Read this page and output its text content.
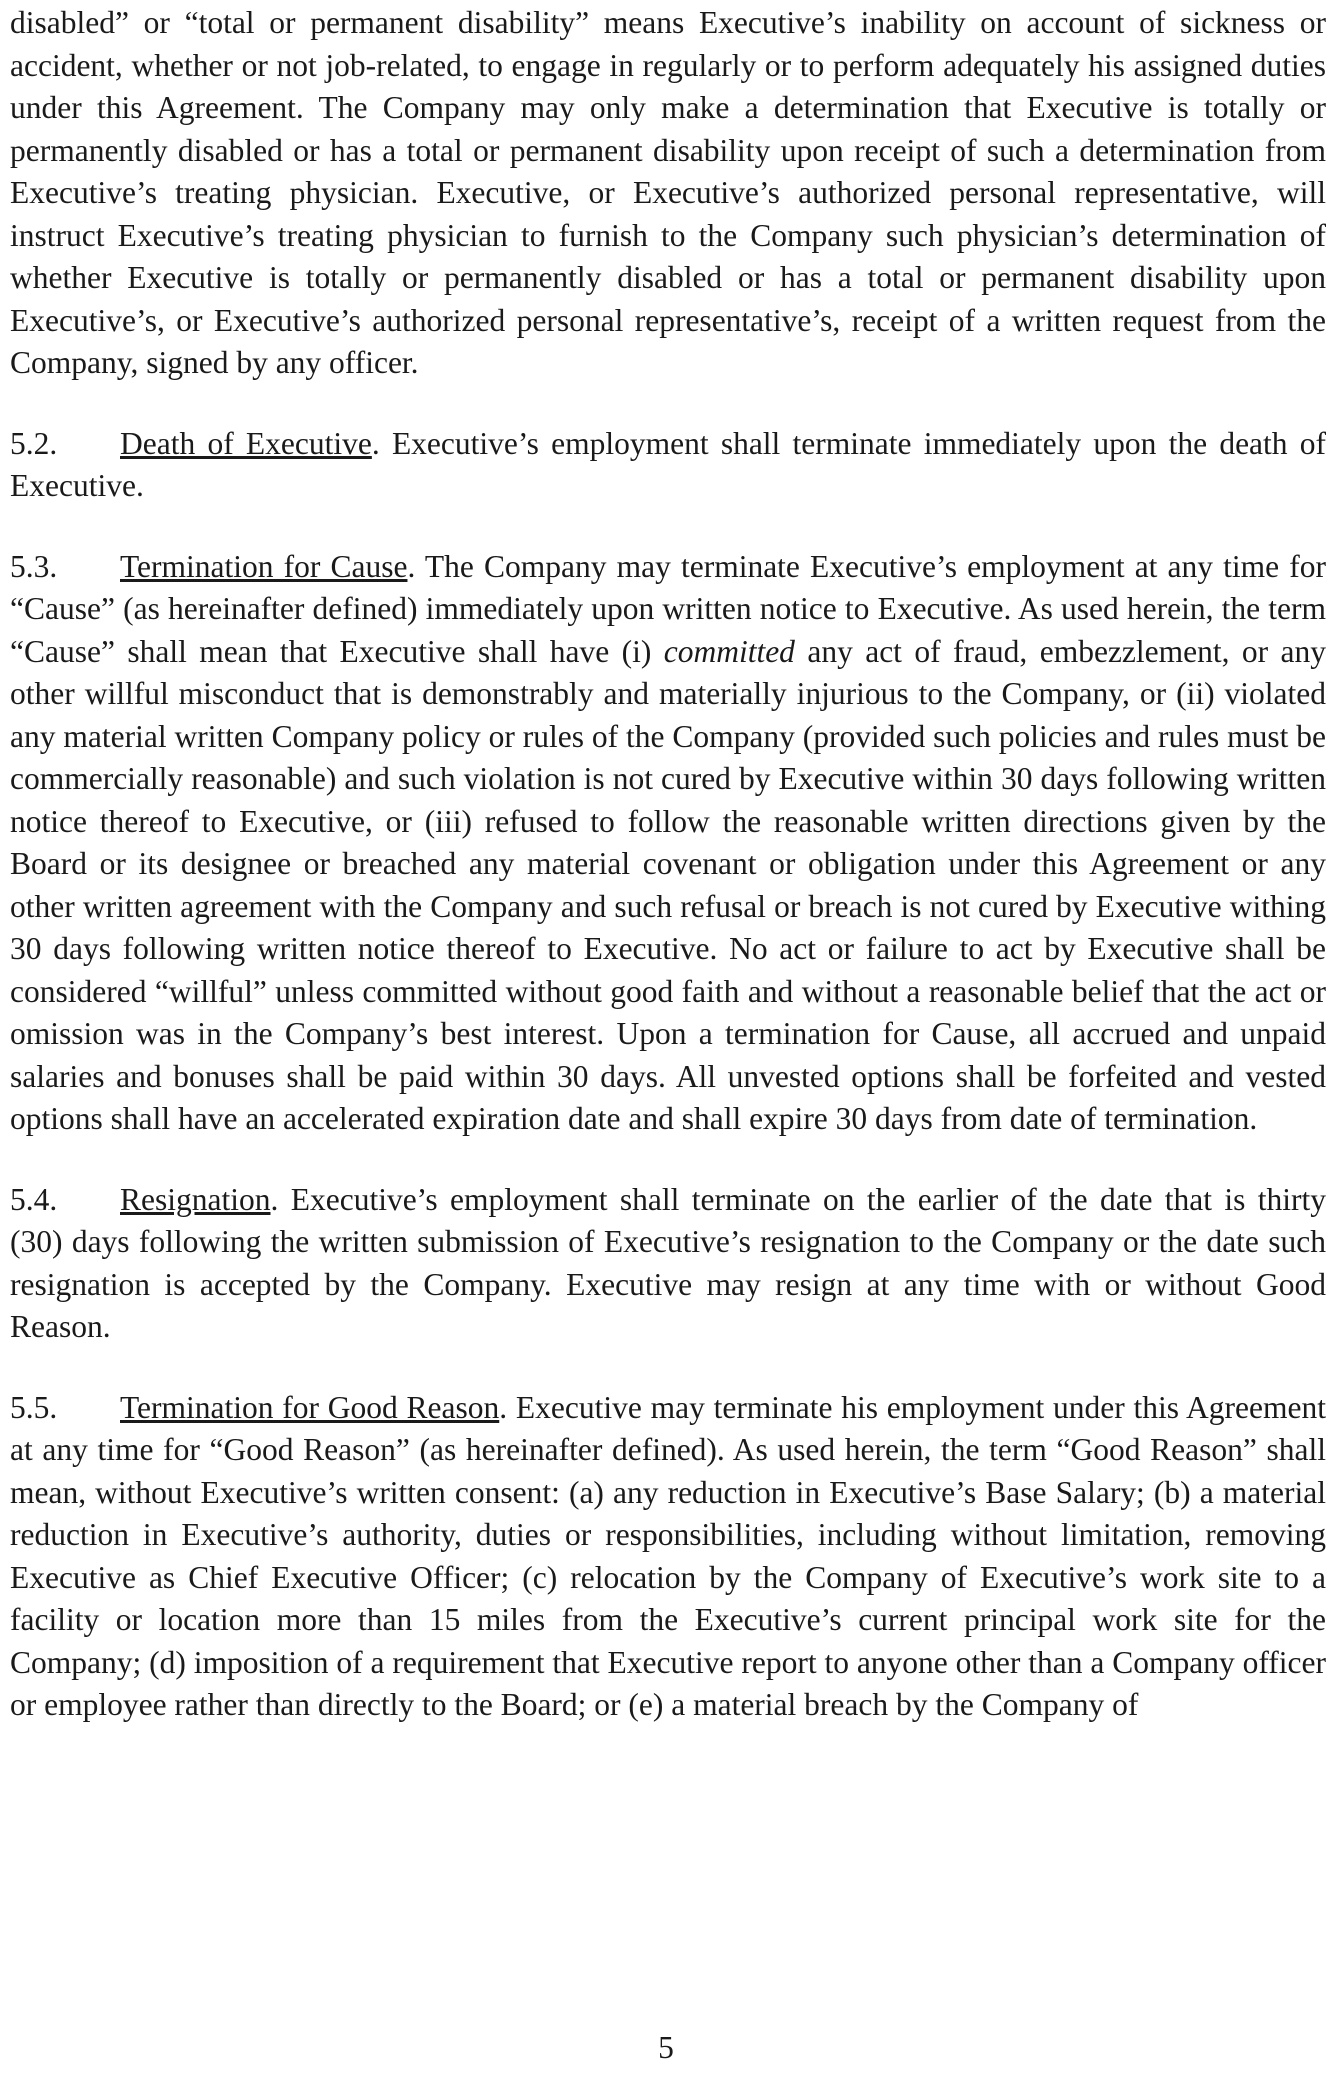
disabled” or “total or permanent disability” means Executive’s inability on account of sickness or accident, whether or not job-related, to engage in regularly or to perform adequately his assigned duties under this Agreement. The Company may only make a determination that Executive is totally or permanently disabled or has a total or permanent disability upon receipt of such a determination from Executive’s treating physician. Executive, or Executive’s authorized personal representative, will instruct Executive’s treating physician to furnish to the Company such physician’s determination of whether Executive is totally or permanently disabled or has a total or permanent disability upon Executive’s, or Executive’s authorized personal representative’s, receipt of a written request from the Company, signed by any officer.

5.2. Death of Executive. Executive’s employment shall terminate immediately upon the death of Executive.

5.3. Termination for Cause. The Company may terminate Executive’s employment at any time for “Cause” (as hereinafter defined) immediately upon written notice to Executive. As used herein, the term “Cause” shall mean that Executive shall have (i) committed any act of fraud, embezzlement, or any other willful misconduct that is demonstrably and materially injurious to the Company, or (ii) violated any material written Company policy or rules of the Company (provided such policies and rules must be commercially reasonable) and such violation is not cured by Executive within 30 days following written notice thereof to Executive, or (iii) refused to follow the reasonable written directions given by the Board or its designee or breached any material covenant or obligation under this Agreement or any other written agreement with the Company and such refusal or breach is not cured by Executive withing 30 days following written notice thereof to Executive. No act or failure to act by Executive shall be considered “willful” unless committed without good faith and without a reasonable belief that the act or omission was in the Company’s best interest. Upon a termination for Cause, all accrued and unpaid salaries and bonuses shall be paid within 30 days. All unvested options shall be forfeited and vested options shall have an accelerated expiration date and shall expire 30 days from date of termination.

5.4. Resignation. Executive’s employment shall terminate on the earlier of the date that is thirty (30) days following the written submission of Executive’s resignation to the Company or the date such resignation is accepted by the Company. Executive may resign at any time with or without Good Reason.

5.5. Termination for Good Reason. Executive may terminate his employment under this Agreement at any time for “Good Reason” (as hereinafter defined). As used herein, the term “Good Reason” shall mean, without Executive’s written consent: (a) any reduction in Executive’s Base Salary; (b) a material reduction in Executive’s authority, duties or responsibilities, including without limitation, removing Executive as Chief Executive Officer; (c) relocation by the Company of Executive’s work site to a facility or location more than 15 miles from the Executive’s current principal work site for the Company; (d) imposition of a requirement that Executive report to anyone other than a Company officer or employee rather than directly to the Board; or (e) a material breach by the Company of

5
